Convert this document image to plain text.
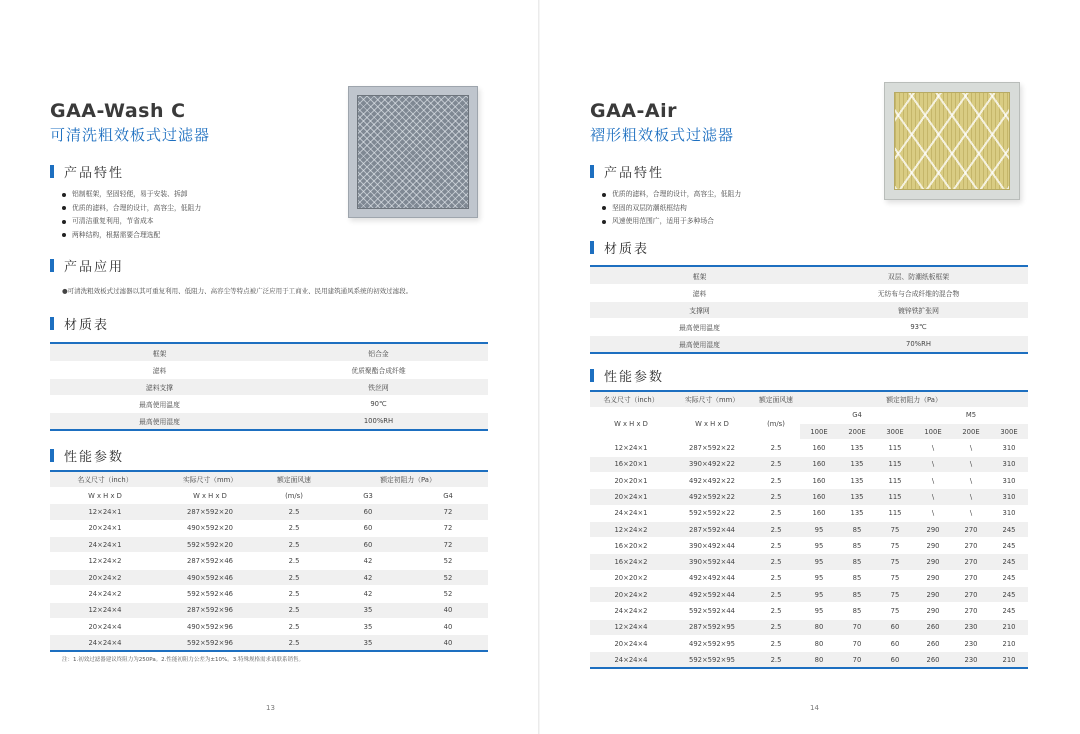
GAA-Wash C
可清洗粗效板式过滤器
产品特性
铝制框架，坚固轻便，易于安装、拆卸
优质的滤料，合理的设计，高容尘，低阻力
可清洁重复利用，节省成本
两种结构，根据需要合理选配
产品应用
●可清洗粗效板式过滤器以其可重复利用、低阻力、高容尘等特点被广泛应用于工商业、民用建筑通风系统的初效过滤段。
材质表
框架	铝合金
滤料	优质聚酯合成纤维
滤料支撑	铁丝网
最高使用温度	90℃
最高使用湿度	100%RH
性能参数
名义尺寸（inch）	实际尺寸（mm）	额定面风速	额定初阻力（Pa）	
W x H x D	W x H x D	(m/s)	G3	G4
12×24×1	287×592×20	2.5	60	72
20×24×1	490×592×20	2.5	60	72
24×24×1	592×592×20	2.5	60	72
12×24×2	287×592×46	2.5	42	52
20×24×2	490×592×46	2.5	42	52
24×24×2	592×592×46	2.5	42	52
12×24×4	287×592×96	2.5	35	40
20×24×4	490×592×96	2.5	35	40
24×24×4	592×592×96	2.5	35	40
注：1.初效过滤器建议终阻力为250Pa。2.性能初阻力公差为±10%。3.特殊规格需求请联系销售。
13
GAA-Air
褶形粗效板式过滤器
产品特性
优质的滤料，合理的设计，高容尘，低阻力
坚固的双层防潮纸框结构
风速使用范围广，适用于多种场合
材质表
框架	双层、防潮纸板框架
滤料	无纺布与合成纤维的混合物
支撑网	镀锌铁扩张网
最高使用温度	93℃
最高使用湿度	70%RH
性能参数
名义尺寸（inch）	实际尺寸（mm）	额定面风速	额定初阻力（Pa）					
W x H x D	W x H x D	(m/s)	G4			M5		
			100E	200E	300E	100E	200E	300E
12×24×1	287×592×22	2.5	160	135	115	\	\	310
16×20×1	390×492×22	2.5	160	135	115	\	\	310
20×20×1	492×492×22	2.5	160	135	115	\	\	310
20×24×1	492×592×22	2.5	160	135	115	\	\	310
24×24×1	592×592×22	2.5	160	135	115	\	\	310
12×24×2	287×592×44	2.5	95	85	75	290	270	245
16×20×2	390×492×44	2.5	95	85	75	290	270	245
16×24×2	390×592×44	2.5	95	85	75	290	270	245
20×20×2	492×492×44	2.5	95	85	75	290	270	245
20×24×2	492×592×44	2.5	95	85	75	290	270	245
24×24×2	592×592×44	2.5	95	85	75	290	270	245
12×24×4	287×592×95	2.5	80	70	60	260	230	210
20×24×4	492×592×95	2.5	80	70	60	260	230	210
24×24×4	592×592×95	2.5	80	70	60	260	230	210
14
